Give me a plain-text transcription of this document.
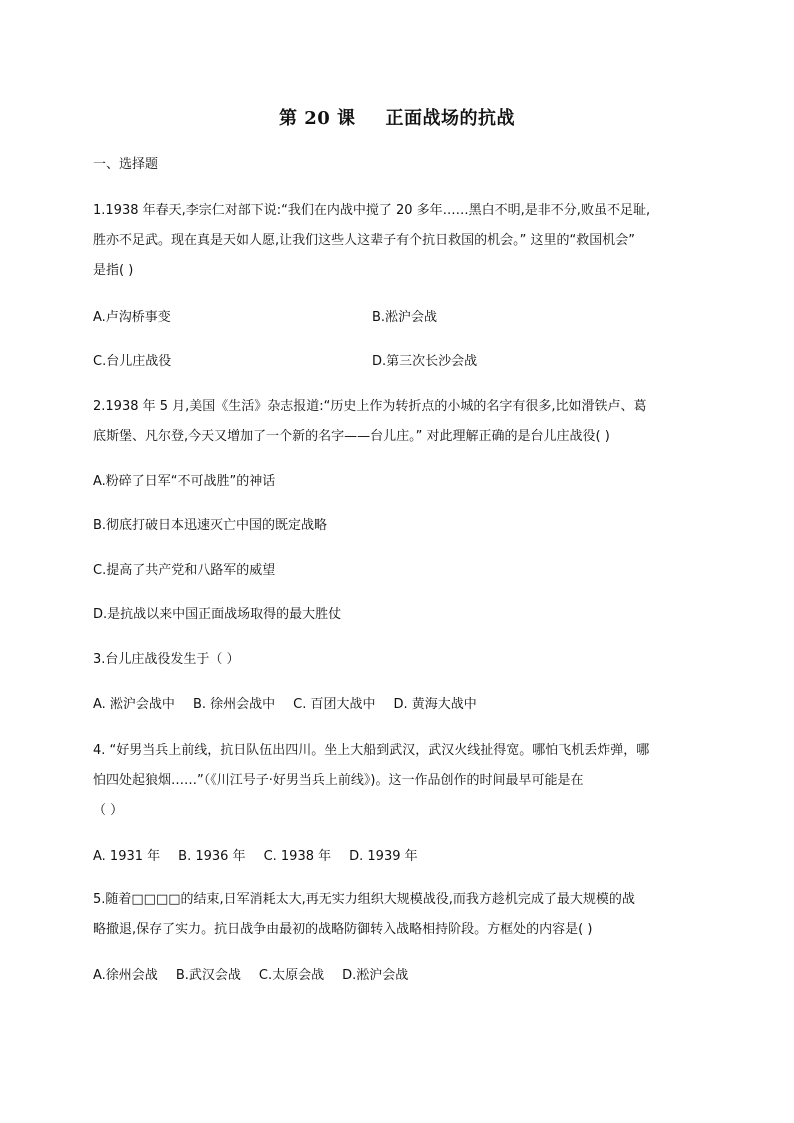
第 20 课 正面战场的抗战
一、选择题
1.1938 年春天,李宗仁对部下说:“我们在内战中搅了 20 多年……黑白不明,是非不分,败虽不足耻,
胜亦不足武。现在真是天如人愿,让我们这些人这辈子有个抗日救国的机会。” 这里的“救国机会”
是指( )
A.卢沟桥事变	B.淞沪会战
C.台儿庄战役	D.第三次长沙会战
2.1938 年 5 月,美国《生活》杂志报道:“历史上作为转折点的小城的名字有很多,比如滑铁卢、葛
底斯堡、凡尔登,今天又增加了一个新的名字——台儿庄。” 对此理解正确的是台儿庄战役( )
A.粉碎了日军“不可战胜”的神话
B.彻底打破日本迅速灭亡中国的既定战略
C.提高了共产党和八路军的威望
D.是抗战以来中国正面战场取得的最大胜仗
3.台儿庄战役发生于（ ）
A. 淞沪会战中 B. 徐州会战中 C. 百团大战中 D. 黄海大战中
4. “好男当兵上前线，抗日队伍出四川。坐上大船到武汉，武汉火线扯得宽。哪怕飞机丢炸弹，哪
怕四处起狼烟……”（《川江号子·好男当兵上前线》)。这一作品创作的时间最早可能是在
（ ）
A. 1931 年 B. 1936 年 C. 1938 年 D. 1939 年
5.随着□□□□的结束,日军消耗太大,再无实力组织大规模战役,而我方趁机完成了最大规模的战
略撤退,保存了实力。抗日战争由最初的战略防御转入战略相持阶段。方框处的内容是( )
A.徐州会战 B.武汉会战 C.太原会战 D.淞沪会战
